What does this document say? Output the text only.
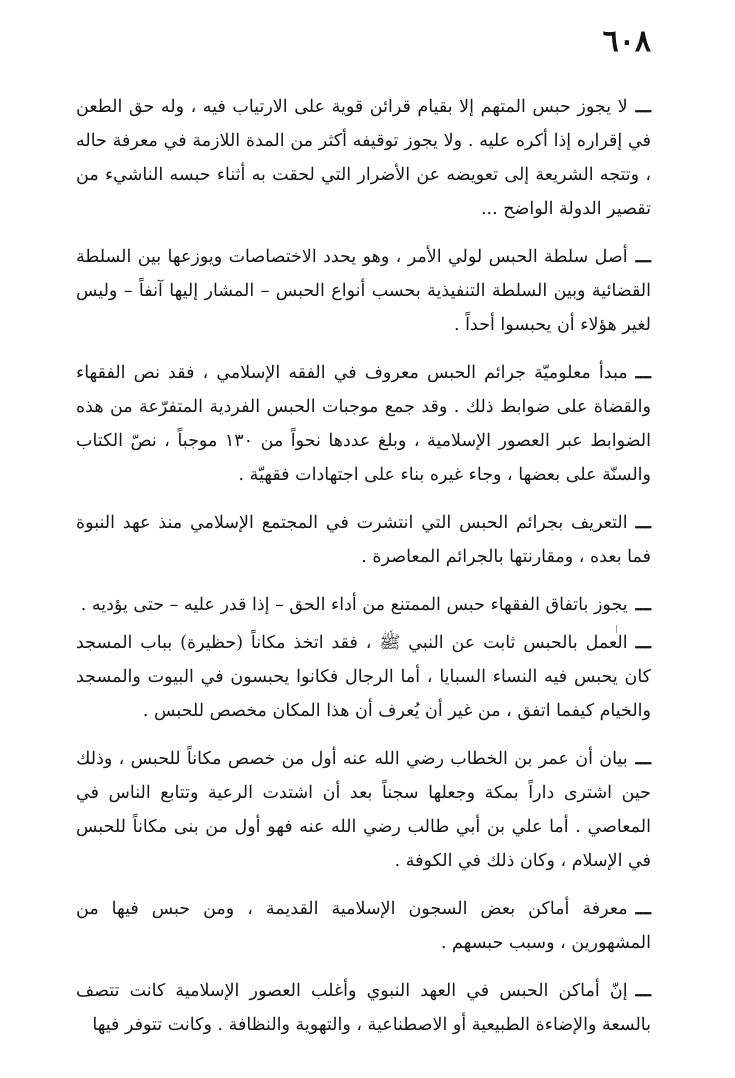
٦٠٨

ـــلا يجوز حبس المتهم إلا بقيام قرائن قوية على الارتياب فيه ، وله حق الطعن في إقراره إذا أكره عليه . ولا يجوز توقيفه أكثر من المدة اللازمة في معرفة حاله ، وتتجه الشريعة إلى تعويضه عن الأضرار التي لحقت به أثناء حبسه الناشيء من تقصير الدولة الواضح ...

ـــأصل سلطة الحبس لولي الأمر ، وهو يحدد الاختصاصات ويوزعها بين السلطة القضائية وبين السلطة التنفيذية بحسب أنواع الحبس – المشار إليها آنفاً – وليس لغير هؤلاء أن يحبسوا أحداً .

ـــمبدأ معلوميّة جرائم الحبس معروف في الفقه الإسلامي ، فقد نص الفقهاء والقضاة على ضوابط ذلك . وقد جمع موجبات الحبس الفردية المتفرّعة من هذه الضوابط عبر العصور الإسلامية ، وبلغ عددها نحواً من ١٣٠ موجباً ، نصّ الكتاب والسنّة على بعضها ، وجاء غيره بناء على اجتهادات فقهيّة .

ـــالتعريف بجرائم الحبس التي انتشرت في المجتمع الإسلامي منذ عهد النبوة فما بعده ، ومقارنتها بالجرائم المعاصرة .

ـــيجوز باتفاق الفقهاء حبس الممتنع من أداء الحق – إذا قدر عليه – حتى يؤديه .

ـــالعمل بالحبس ثابت عن النبي ﷺ ، فقد اتخذ مكاناً (حظيرة) بباب المسجد كان يحبس فيه النساء السبايا ، أما الرجال فكانوا يحبسون في البيوت والمسجد والخيام كيفما اتفق ، من غير أن يُعرف أن هذا المكان مخصص للحبس .

ـــبيان أن عمر بن الخطاب رضي الله عنه أول من خصص مكاناً للحبس ، وذلك حين اشترى داراً بمكة وجعلها سجناً بعد أن اشتدت الرعية وتتابع الناس في المعاصي . أما علي بن أبي طالب رضي الله عنه فهو أول من بنى مكاناً للحبس في الإسلام ، وكان ذلك في الكوفة .

ـــمعرفة أماكن بعض السجون الإسلامية القديمة ، ومن حبس فيها من المشهورين ، وسبب حبسهم .

ـــإنّ أماكن الحبس في العهد النبوي وأغلب العصور الإسلامية كانت تتصف بالسعة والإضاءة الطبيعية أو الاصطناعية ، والتهوية والنظافة . وكانت تتوفر فيها
